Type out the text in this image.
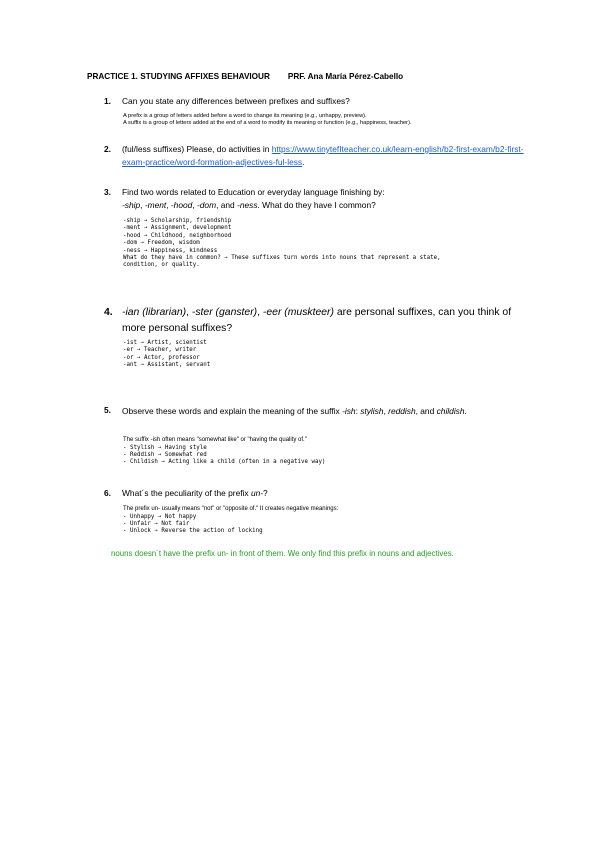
PRACTICE 1. STUDYING AFFIXES BEHAVIOUR PRF. Ana María Pérez-Cabello
1. Can you state any differences between prefixes and suffixes?
A prefix is a group of letters added before a word to change its meaning (e.g., unhappy, preview).
A suffix is a group of letters added at the end of a word to modify its meaning or function (e.g., happiness, teacher).
2. (ful/less suffixes) Please, do activities in https://www.tinytefIteacher.co.uk/learn-english/b2-first-exam/b2-first-exam-practice/word-formation-adjectives-ful-less.
3. Find two words related to Education or everyday language finishing by:
-ship, -ment, -hood, -dom, and -ness. What do they have I common?
-ship → Scholarship, friendship
-ment → Assignment, development
-hood → Childhood, neighborhood
-dom → Freedom, wisdom
-ness → Happiness, kindness
What do they have in common? → These suffixes turn words into nouns that represent a state,
condition, or quality.
4. -ian (librarian), -ster (ganster), -eer (muskteer) are personal suffixes, can you think of more personal suffixes?
-ist → Artist, scientist
-er → Teacher, writer
-or → Actor, professor
-ant → Assistant, servant
5. Observe these words and explain the meaning of the suffix -ish: stylish, reddish, and childish.
The suffix -ish often means "somewhat like" or "having the quality of."
- Stylish → Having style
- Reddish → Somewhat red
- Childish → Acting like a child (often in a negative way)
6. What´s the peculiarity of the prefix un-?
The prefix un- usually means "not" or "opposite of." It creates negative meanings:
- Unhappy → Not happy
- Unfair → Not fair
- Unlock → Reverse the action of locking
nouns doesn´t have the prefix un- in front of them. We only find this prefix in nouns and adjectives.
